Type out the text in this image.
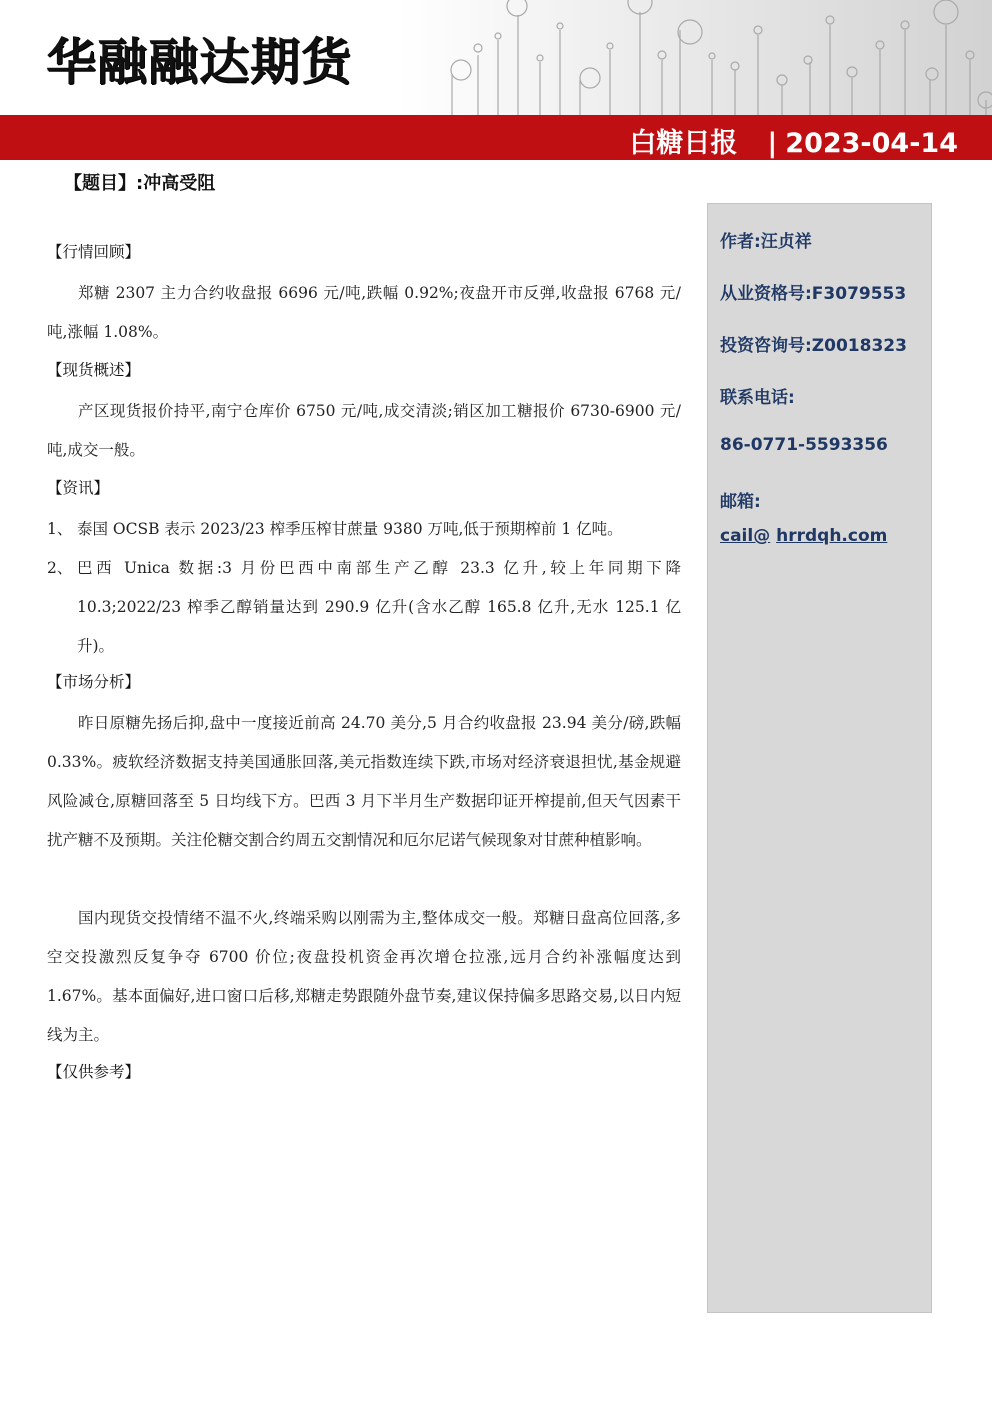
华融融达期货
白糖日报 | 2023-04-14
【题目】:冲高受阻
【行情回顾】

郑糖 2307 主力合约收盘报 6696 元/吨,跌幅 0.92%;夜盘开市反弹,收盘报 6768 元/吨,涨幅 1.08%。

【现货概述】

产区现货报价持平,南宁仓库价 6750 元/吨,成交清淡;销区加工糖报价 6730-6900 元/吨,成交一般。

【资讯】
1、 泰国 OCSB 表示 2023/23 榨季压榨甘蔗量 9380 万吨,低于预期榨前 1 亿吨。
2、 巴西 Unica 数据:3 月份巴西中南部生产乙醇 23.3 亿升,较上年同期下降 10.3;2022/23 榨季乙醇销量达到 290.9 亿升(含水乙醇 165.8 亿升,无水 125.1 亿升)。
【市场分析】

昨日原糖先扬后抑,盘中一度接近前高 24.70 美分,5 月合约收盘报 23.94 美分/磅,跌幅 0.33%。疲软经济数据支持美国通胀回落,美元指数连续下跌,市场对经济衰退担忧,基金规避风险减仓,原糖回落至 5 日均线下方。巴西 3 月下半月生产数据印证开榨提前,但天气因素干扰产糖不及预期。关注伦糖交割合约周五交割情况和厄尔尼诺气候现象对甘蔗种植影响。

国内现货交投情绪不温不火,终端采购以刚需为主,整体成交一般。郑糖日盘高位回落,多空交投激烈反复争夺 6700 价位;夜盘投机资金再次增仓拉涨,远月合约补涨幅度达到 1.67%。基本面偏好,进口窗口后移,郑糖走势跟随外盘节奏,建议保持偏多思路交易,以日内短线为主。

【仅供参考】
作者:汪贞祥
从业资格号:F3079553
投资咨询号:Z0018323
联系电话:
86-0771-5593356
邮箱:
cail@ hrrdqh.com
